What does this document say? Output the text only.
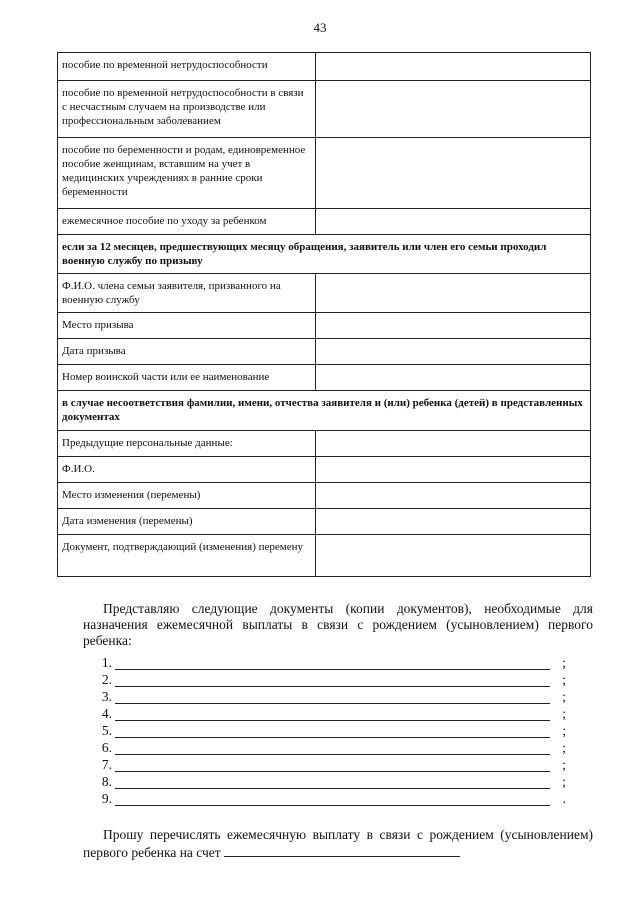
43
пособие по временной нетрудоспособности	
пособие по временной нетрудоспособности в связи с несчастным случаем на производстве или профессиональным заболеванием	
пособие по беременности и родам, единовременное пособие женщинам, вставшим на учет в медицинских учреждениях в ранние сроки беременности	
ежемесячное пособие по уходу за ребенком	
если за 12 месяцев, предшествующих месяцу обращения, заявитель или член его семьи проходил военную службу по призыву	
Ф.И.О. члена семьи заявителя, призванного на военную службу	
Место призыва	
Дата призыва	
Номер воинской части или ее наименование	
в случае несоответствия фамилии, имени, отчества заявителя и (или) ребенка (детей) в представленных документах	
Предыдущие персональные данные:	
Ф.И.О.	
Место изменения (перемены)	
Дата изменения (перемены)	
Документ, подтверждающий (изменения) перемену	
Представляю следующие документы (копии документов), необходимые для назначения ежемесячной выплаты в связи с рождением (усыновлением) первого ребенка:
1.	;
2.	;
3.	;
4.	;
5.	;
6.	;
7.	;
8.	;
9.	.
Прошу перечислять ежемесячную выплату в связи с рождением (усыновлением) первого ребенка на счет
